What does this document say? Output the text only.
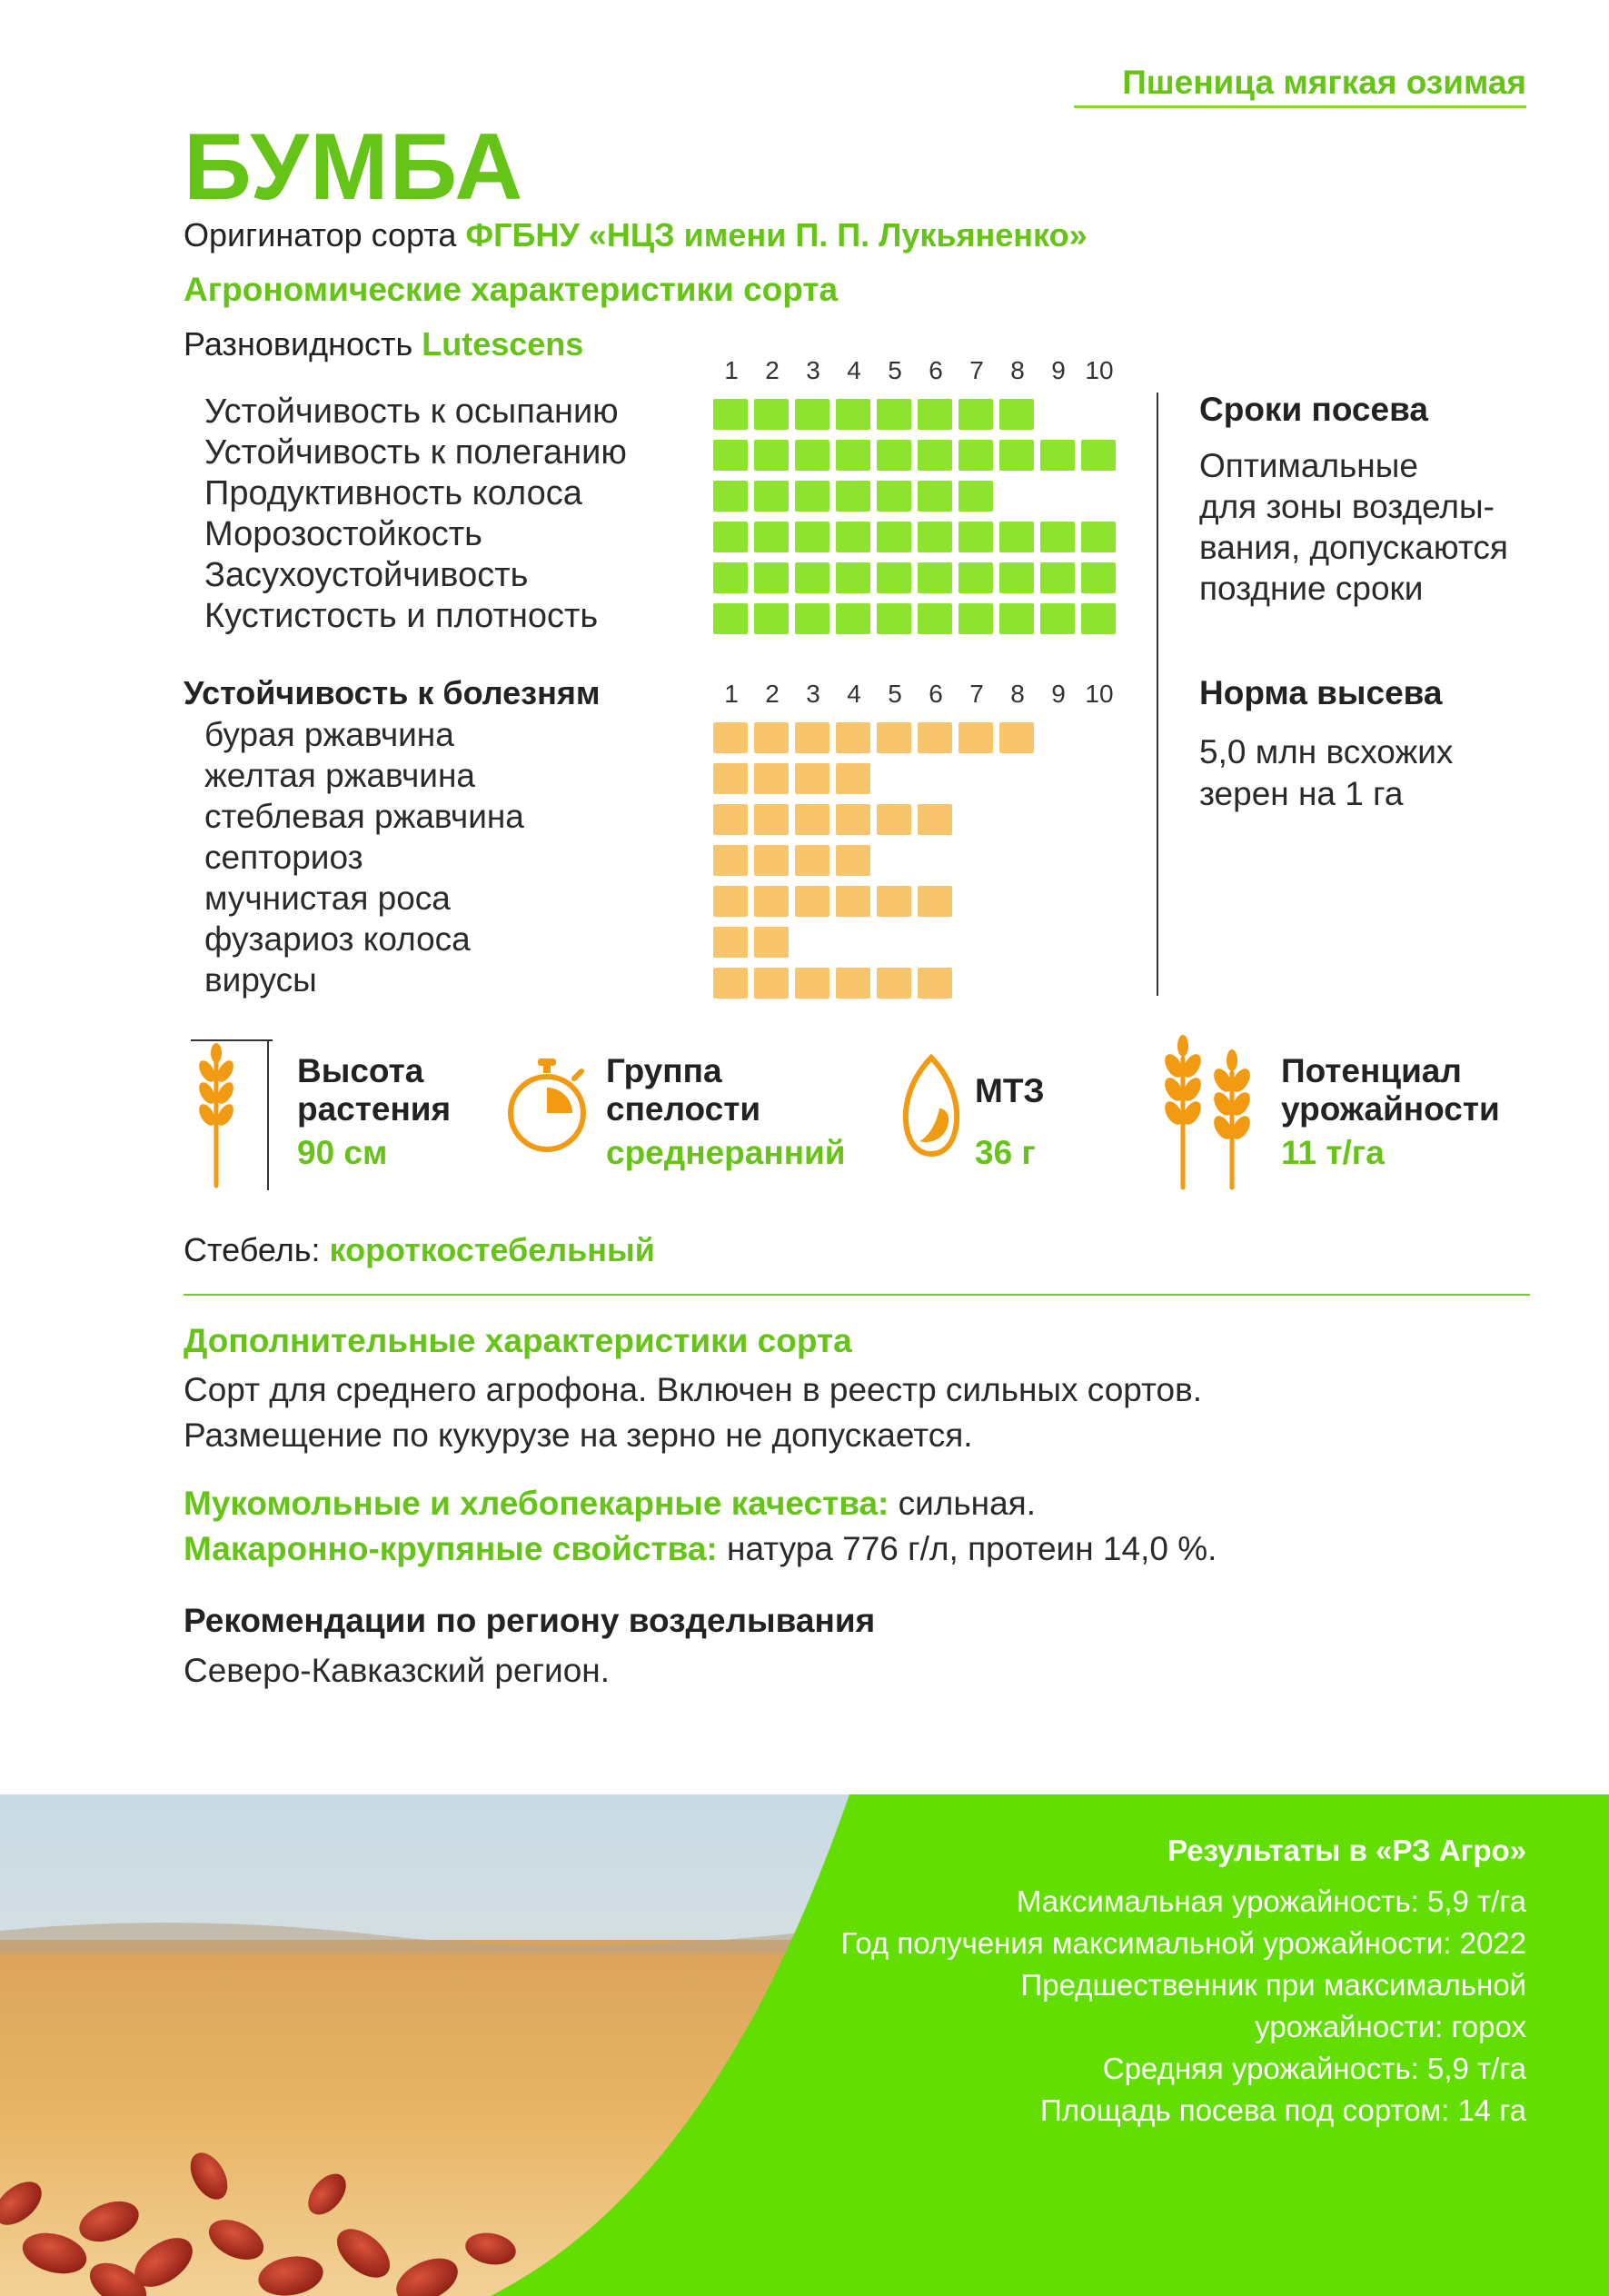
Пшеница мягкая озимая
БУМБА
Оригинатор сорта ФГБНУ «НЦЗ имени П. П. Лукьяненко»
Агрономические характеристики сорта
Разновидность Lutescens
1	2	3	4	5	6	7	8	9 10
Устойчивость к осыпанию
Устойчивость к полеганию
Продуктивность колоса
Морозостойкость
Засухоустойчивость
Кустистость и плотность
Устойчивость к болезням	1	2	3	4	5	6	7	8	9 10
бурая ржавчина
желтая ржавчина
стеблевая ржавчина
септориоз
мучнистая роса
фузариоз колоса
вирусы
Сроки посева
Оптимальные
для зоны возделы-
вания, допускаются
поздние сроки
Норма высева
5,0 млн всхожих
зерен на 1 га
Высота
растения
90 см
Группа
спелости
среднеранний
МТЗ
36 г
Потенциал
урожайности
11 т/га
Стебель: короткостебельный
Дополнительные характеристики сорта
Сорт для среднего агрофона. Включен в реестр сильных сортов.
Размещение по кукурузе на зерно не допускается.
Мукомольные и хлебопекарные качества: сильная.
Макаронно-крупяные свойства: натура 776 г/л, протеин 14,0 %.
Рекомендации по региону возделывания
Северо-Кавказский регион.
Результаты в «РЗ Агро»
Максимальная урожайность: 5,9 т/га
Год получения максимальной урожайности: 2022
Предшественник при максимальной
урожайности: горох
Средняя урожайность: 5,9 т/га
Площадь посева под сортом: 14 га
